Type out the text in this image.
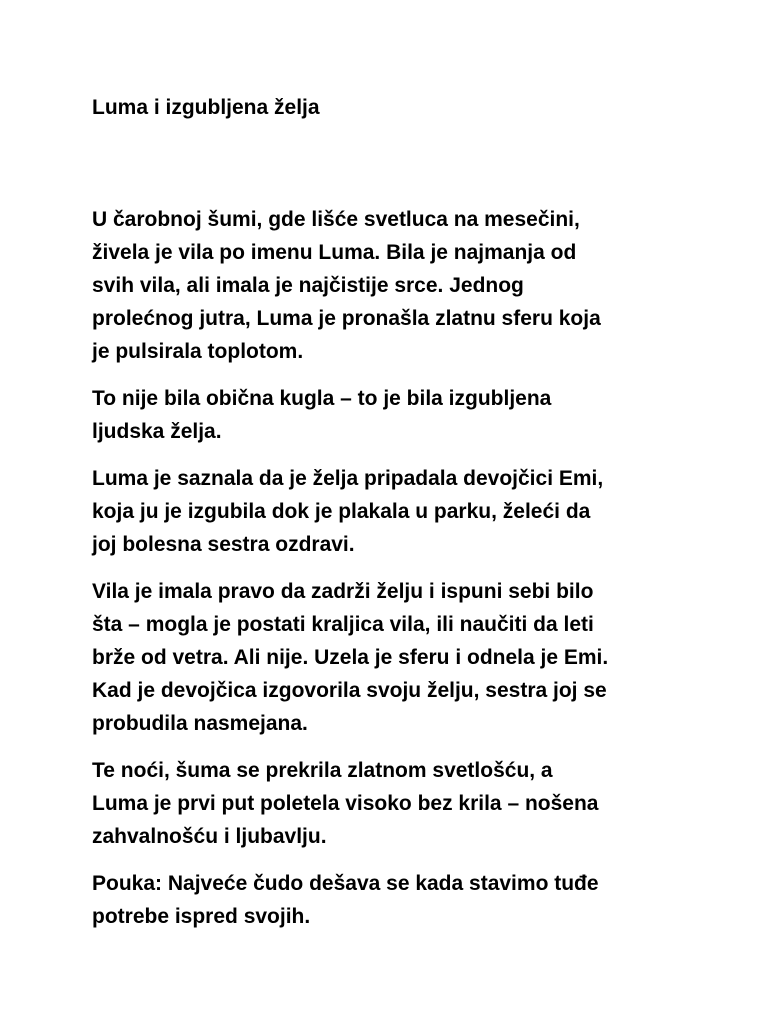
Luma i izgubljena želja

U čarobnoj šumi, gde lišće svetluca na mesečini,
živela je vila po imenu Luma. Bila je najmanja od
svih vila, ali imala je najčistije srce. Jednog
prolećnog jutra, Luma je pronašla zlatnu sferu koja
je pulsirala toplotom.

To nije bila obična kugla – to je bila izgubljena
ljudska želja.

Luma je saznala da je želja pripadala devojčici Emi,
koja ju je izgubila dok je plakala u parku, želeći da
joj bolesna sestra ozdravi.

Vila je imala pravo da zadrži želju i ispuni sebi bilo
šta – mogla je postati kraljica vila, ili naučiti da leti
brže od vetra. Ali nije. Uzela je sferu i odnela je Emi.
Kad je devojčica izgovorila svoju želju, sestra joj se
probudila nasmejana.

Te noći, šuma se prekrila zlatnom svetlošću, a
Luma je prvi put poletela visoko bez krila – nošena
zahvalnošću i ljubavlju.

Pouka: Najveće čudo dešava se kada stavimo tuđe
potrebe ispred svojih.
